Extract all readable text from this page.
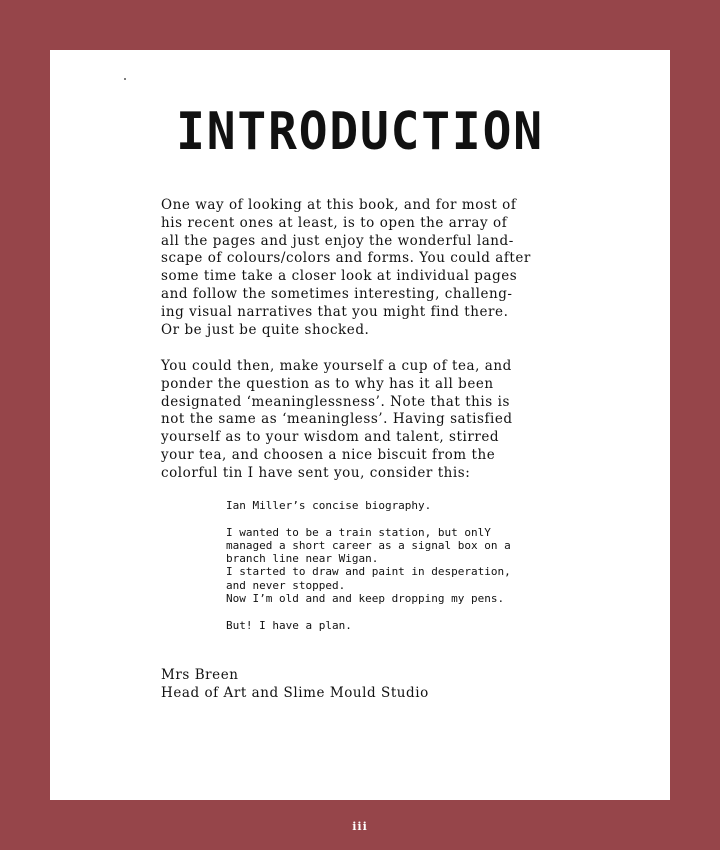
INTRODUCTION
One way of looking at this book, and for most of
his recent ones at least, is to open the array of
all the pages and just enjoy the wonderful land-
scape of colours/colors and forms. You could after
some time take a closer look at individual pages
and follow the sometimes interesting, challeng-
ing visual narratives that you might find there.
Or be just be quite shocked.
You could then, make yourself a cup of tea, and
ponder the question as to why has it all been
designated ‘meaninglessness’. Note that this is
not the same as ‘meaningless’. Having satisfied
yourself as to your wisdom and talent, stirred
your tea, and choosen a nice biscuit from the
colorful tin I have sent you, consider this:
Ian Miller’s concise biography.
I wanted to be a train station, but onlY
managed a short career as a signal box on a
branch line near Wigan.
I started to draw and paint in desperation,
and never stopped.
Now I’m old and and keep dropping my pens.
But! I have a plan.
Mrs Breen
Head of Art and Slime Mould Studio
iii
